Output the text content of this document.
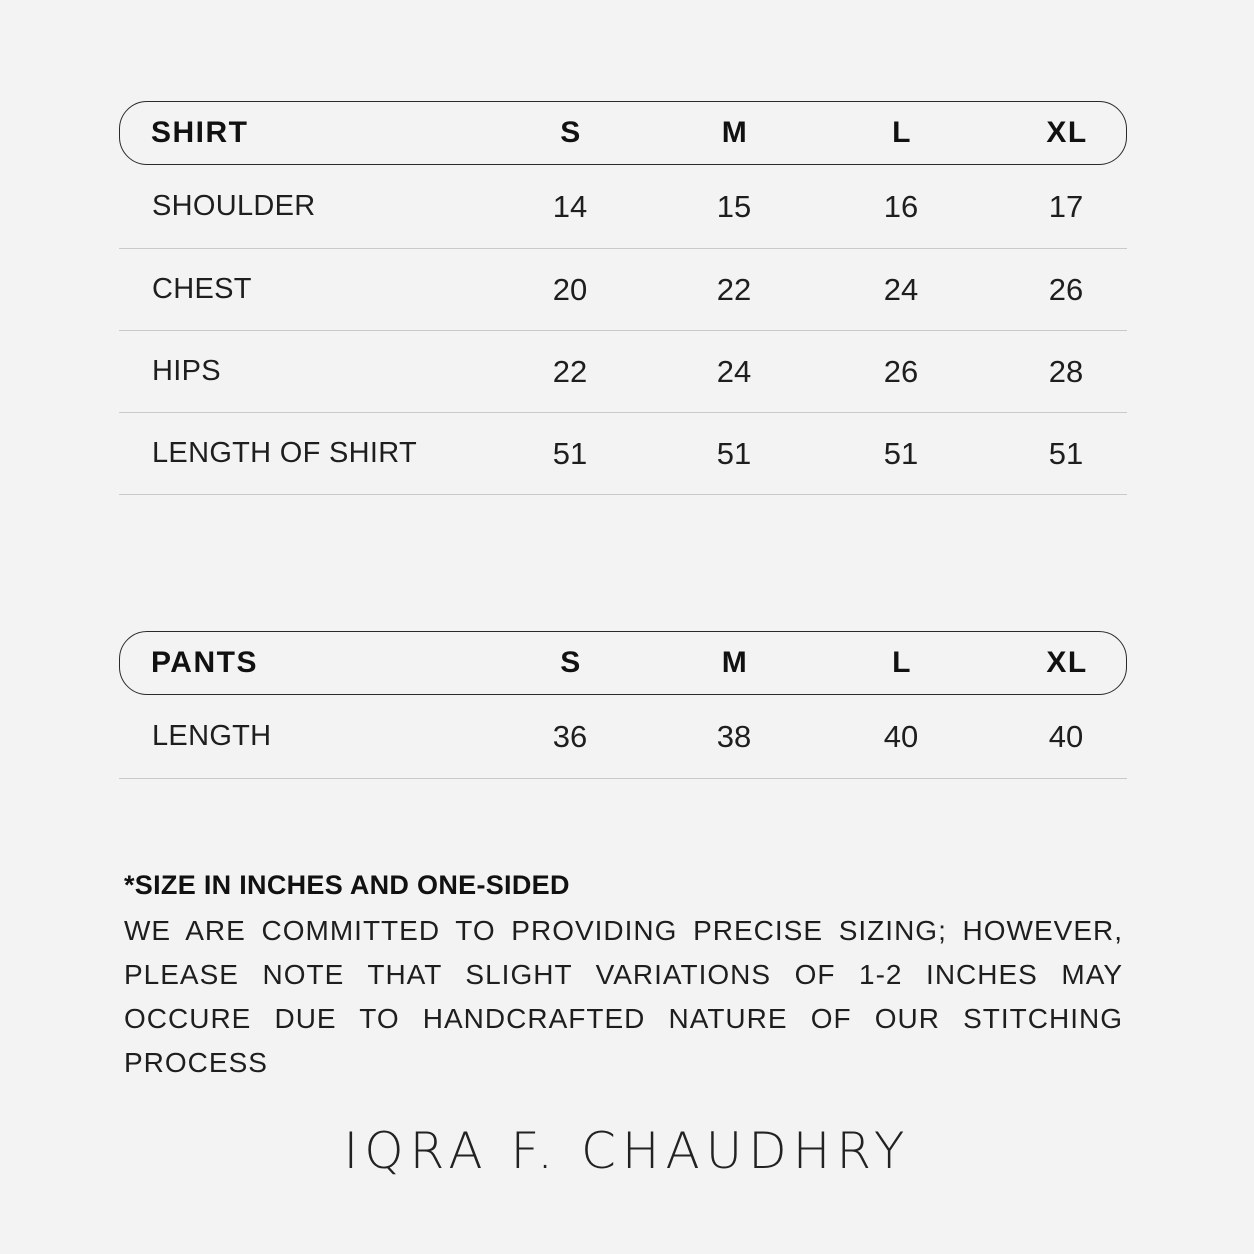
SHIRT	S	M	L	XL
SHOULDER	14	15	16	17
CHEST	20	22	24	26
HIPS	22	24	26	28
LENGTH OF SHIRT	51	51	51	51
PANTS	S	M	L	XL
LENGTH	36	38	40	40

*SIZE IN INCHES AND ONE-SIDED

WE ARE COMMITTED TO PROVIDING PRECISE SIZING; HOWEVER, PLEASE NOTE THAT SLIGHT VARIATIONS OF 1-2 INCHES MAY OCCURE DUE TO HANDCRAFTED NATURE OF OUR STITCHING PROCESS

IQRA F. CHAUDHRY
